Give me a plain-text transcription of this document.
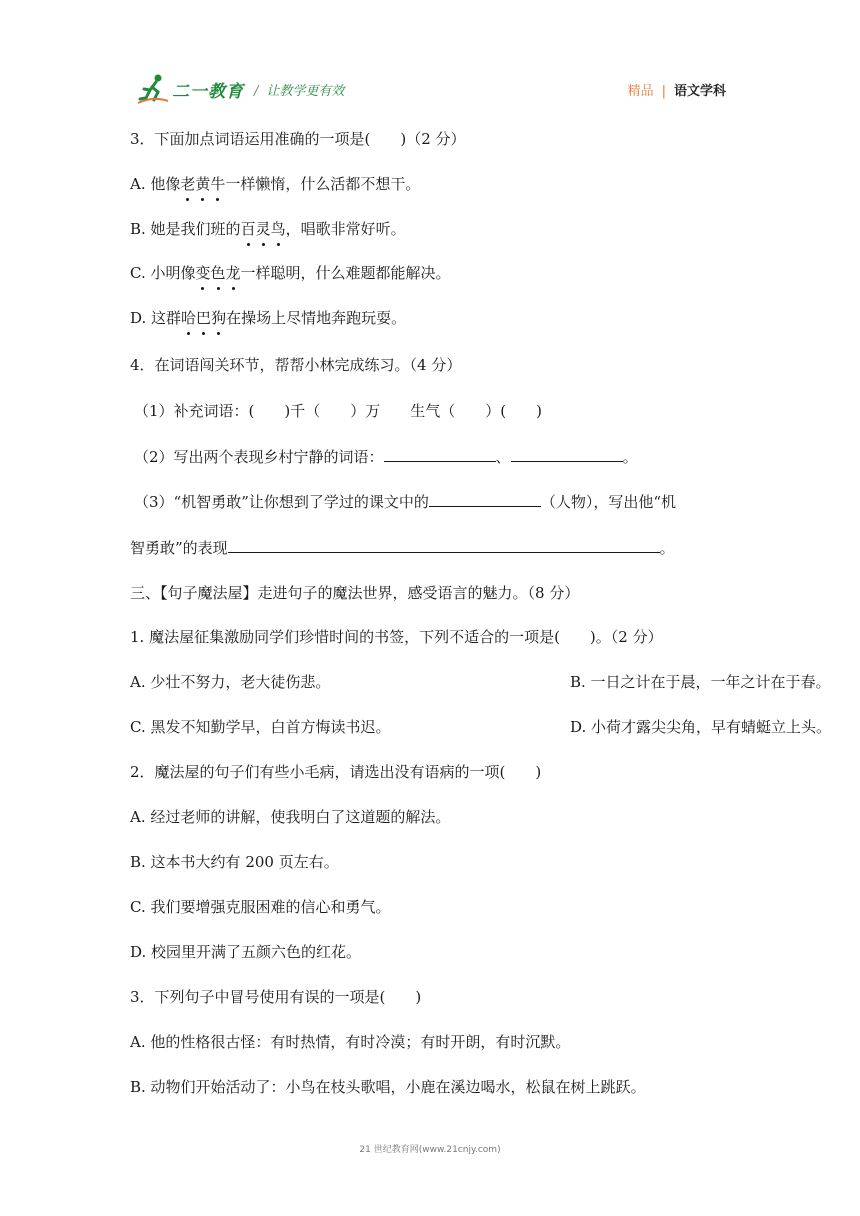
二一教育 / 让教学更有效	精品 | 语文学科
3．下面加点词语运用准确的一项是(　　)（2 分）
A. 他像老黄牛一样懒惰，什么活都不想干。
B. 她是我们班的百灵鸟，唱歌非常好听。
C. 小明像变色龙一样聪明，什么难题都能解决。
D. 这群哈巴狗在操场上尽情地奔跑玩耍。
4．在词语闯关环节，帮帮小林完成练习。（4 分）
（1）补充词语：(　　)千（　　）万　　生气（　　）(　　)
（2）写出两个表现乡村宁静的词语：	、	。
（3）“机智勇敢”让你想到了学过的课文中的	（人物），写出他“机
智勇敢”的表现	。
三、【句子魔法屋】走进句子的魔法世界，感受语言的魅力。（8 分）
1. 魔法屋征集激励同学们珍惜时间的书签，下列不适合的一项是(　　)。（2 分）
A. 少壮不努力，老大徒伤悲。	B. 一日之计在于晨，一年之计在于春。
C. 黑发不知勤学早，白首方悔读书迟。	D. 小荷才露尖尖角，早有蜻蜓立上头。
2．魔法屋的句子们有些小毛病，请选出没有语病的一项(　　)
A. 经过老师的讲解，使我明白了这道题的解法。
B. 这本书大约有 200 页左右。
C. 我们要增强克服困难的信心和勇气。
D. 校园里开满了五颜六色的红花。
3．下列句子中冒号使用有误的一项是(　　)
A. 他的性格很古怪：有时热情，有时冷漠；有时开朗，有时沉默。
B. 动物们开始活动了：小鸟在枝头歌唱，小鹿在溪边喝水，松鼠在树上跳跃。
21 世纪教育网(www.21cnjy.com)
